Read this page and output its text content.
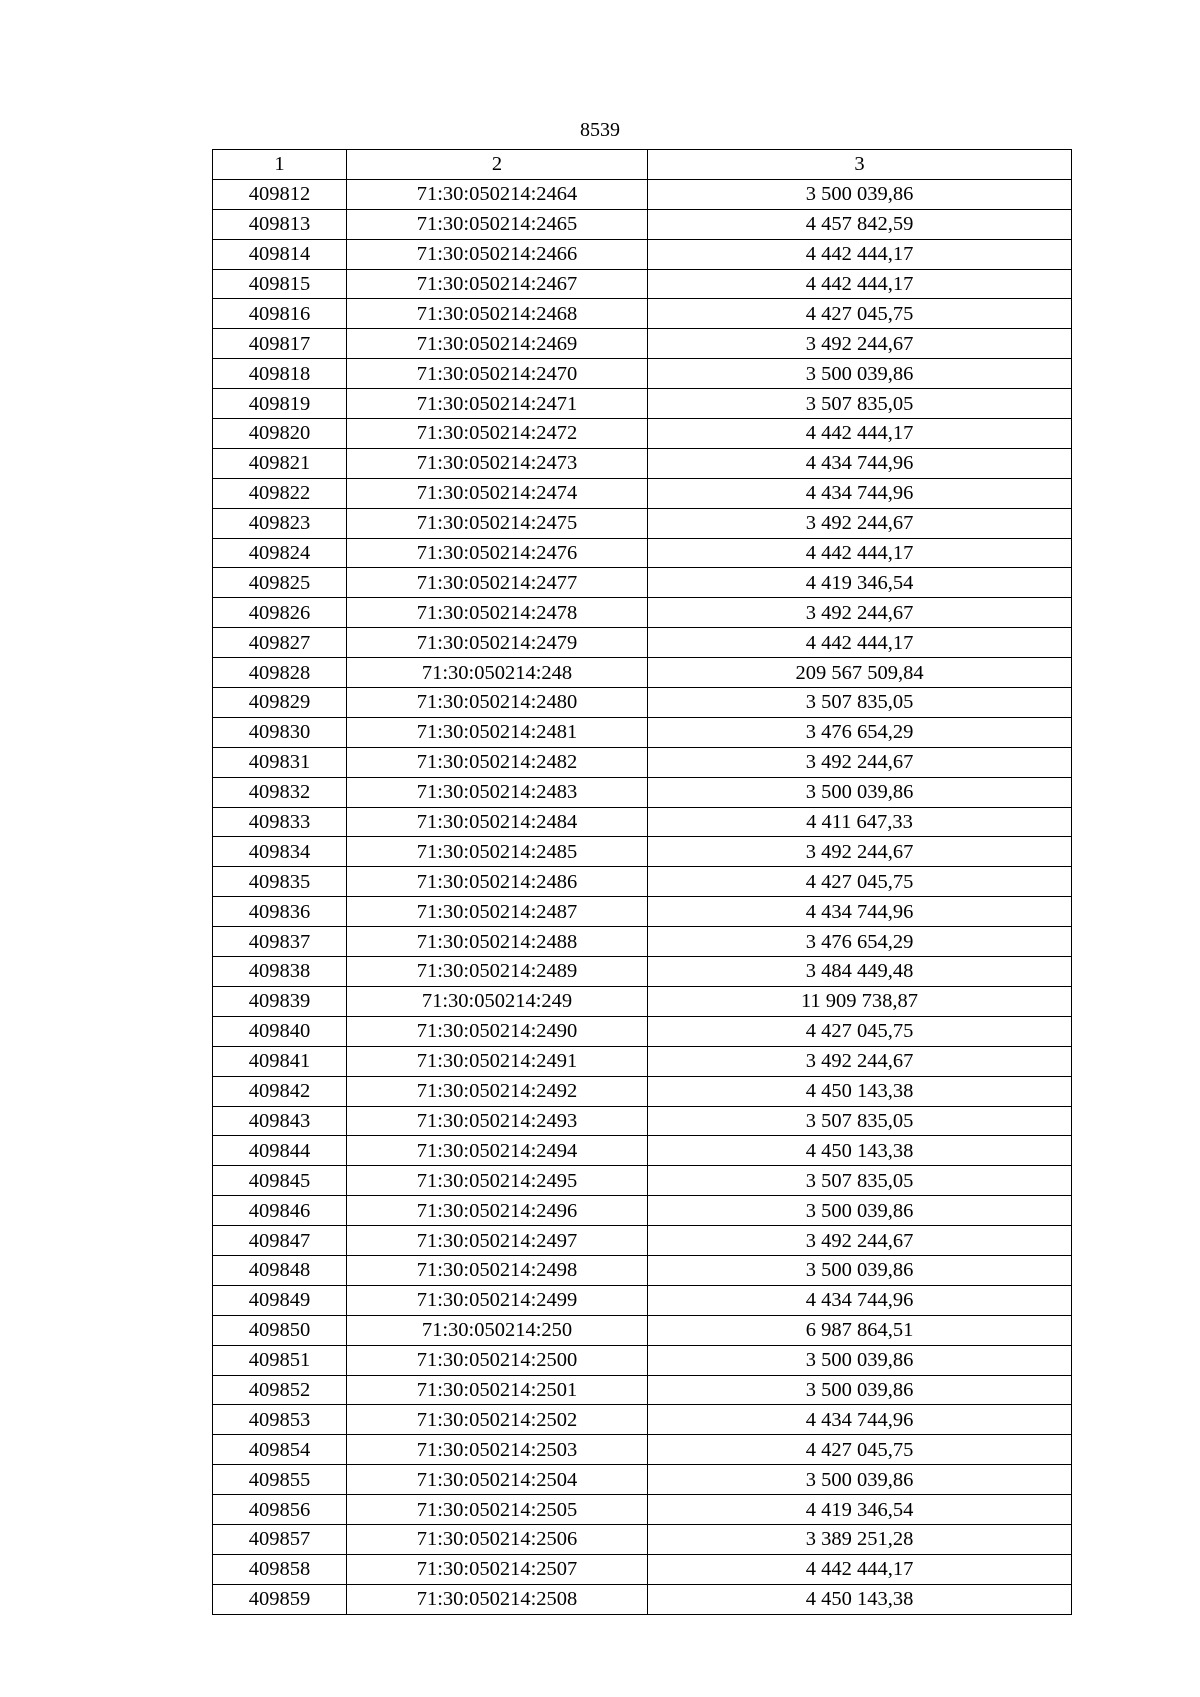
8539
1	2	3
409812	71:30:050214:2464	3 500 039,86
409813	71:30:050214:2465	4 457 842,59
409814	71:30:050214:2466	4 442 444,17
409815	71:30:050214:2467	4 442 444,17
409816	71:30:050214:2468	4 427 045,75
409817	71:30:050214:2469	3 492 244,67
409818	71:30:050214:2470	3 500 039,86
409819	71:30:050214:2471	3 507 835,05
409820	71:30:050214:2472	4 442 444,17
409821	71:30:050214:2473	4 434 744,96
409822	71:30:050214:2474	4 434 744,96
409823	71:30:050214:2475	3 492 244,67
409824	71:30:050214:2476	4 442 444,17
409825	71:30:050214:2477	4 419 346,54
409826	71:30:050214:2478	3 492 244,67
409827	71:30:050214:2479	4 442 444,17
409828	71:30:050214:248	209 567 509,84
409829	71:30:050214:2480	3 507 835,05
409830	71:30:050214:2481	3 476 654,29
409831	71:30:050214:2482	3 492 244,67
409832	71:30:050214:2483	3 500 039,86
409833	71:30:050214:2484	4 411 647,33
409834	71:30:050214:2485	3 492 244,67
409835	71:30:050214:2486	4 427 045,75
409836	71:30:050214:2487	4 434 744,96
409837	71:30:050214:2488	3 476 654,29
409838	71:30:050214:2489	3 484 449,48
409839	71:30:050214:249	11 909 738,87
409840	71:30:050214:2490	4 427 045,75
409841	71:30:050214:2491	3 492 244,67
409842	71:30:050214:2492	4 450 143,38
409843	71:30:050214:2493	3 507 835,05
409844	71:30:050214:2494	4 450 143,38
409845	71:30:050214:2495	3 507 835,05
409846	71:30:050214:2496	3 500 039,86
409847	71:30:050214:2497	3 492 244,67
409848	71:30:050214:2498	3 500 039,86
409849	71:30:050214:2499	4 434 744,96
409850	71:30:050214:250	6 987 864,51
409851	71:30:050214:2500	3 500 039,86
409852	71:30:050214:2501	3 500 039,86
409853	71:30:050214:2502	4 434 744,96
409854	71:30:050214:2503	4 427 045,75
409855	71:30:050214:2504	3 500 039,86
409856	71:30:050214:2505	4 419 346,54
409857	71:30:050214:2506	3 389 251,28
409858	71:30:050214:2507	4 442 444,17
409859	71:30:050214:2508	4 450 143,38
